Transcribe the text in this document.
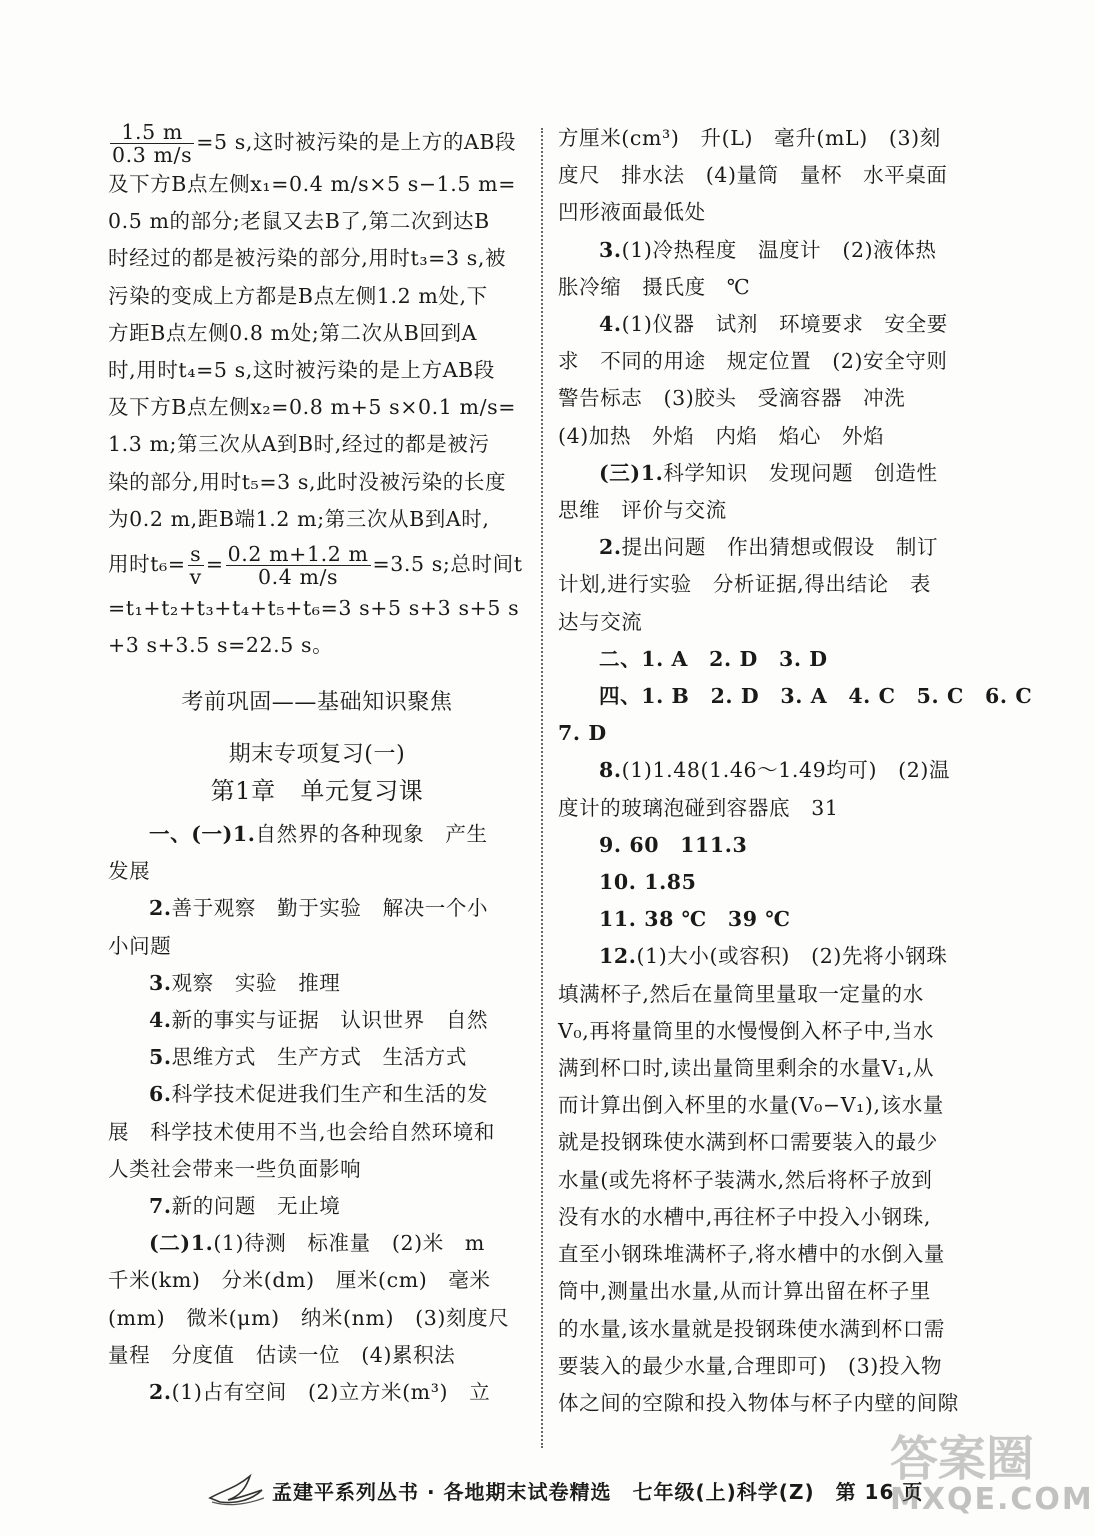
$\frac{1.5 m}{0.3 m/s} =5$ s,这时被污染的是上方的AB段
及下方B点左侧x₁=0.4 m/s×5 s−1.5 m=
0.5 m的部分;老鼠又去B了,第二次到达B
时经过的都是被污染的部分,用时t₃=3 s,被
污染的变成上方都是B点左侧1.2 m处,下
方距B点左侧0.8 m处;第二次从B回到A
时,用时t₄=5 s,这时被污染的是上方AB段
及下方B点左侧x₂=0.8 m+5 s×0.1 m/s=
1.3 m;第三次从A到B时,经过的都是被污
染的部分,用时t₅=3 s,此时没被污染的长度
为0.2 m,距B端1.2 m;第三次从B到A时,
用时$t_6= \frac{s}{v} = \frac{0.2 m+1.2 m}{0.4 m/s} =3.5$ s;总时间t
=t₁+t₂+t₃+t₄+t₅+t₆=3 s+5 s+3 s+5 s
+3 s+3.5 s=22.5 s。
考前巩固——基础知识聚焦
期末专项复习(一)
第1章　单元复习课
一、(一)1.自然界的各种现象　产生
发展
2.善于观察　勤于实验　解决一个小
小问题
3.观察　实验　推理
4.新的事实与证据　认识世界　自然
5.思维方式　生产方式　生活方式
6.科学技术促进我们生产和生活的发
展　科学技术使用不当,也会给自然环境和
人类社会带来一些负面影响
7.新的问题　无止境
(二)1.(1)待测　标准量　(2)米　m
千米(km)　分米(dm)　厘米(cm)　毫米
(mm)　微米(μm)　纳米(nm)　(3)刻度尺
量程　分度值　估读一位　(4)累积法
2.(1)占有空间　(2)立方米(m³)　立
方厘米(cm³)　升(L)　毫升(mL)　(3)刻
度尺　排水法　(4)量筒　量杯　水平桌面
凹形液面最低处
3.(1)冷热程度　温度计　(2)液体热
胀冷缩　摄氏度　℃
4.(1)仪器　试剂　环境要求　安全要
求　不同的用途　规定位置　(2)安全守则
警告标志　(3)胶头　受滴容器　冲洗
(4)加热　外焰　内焰　焰心　外焰
(三)1.科学知识　发现问题　创造性
思维　评价与交流
2.提出问题　作出猜想或假设　制订
计划,进行实验　分析证据,得出结论　表
达与交流
二、1. A　2. D　3. D
四、1. B　2. D　3. A　4. C　5. C　6. C
7. D
8.(1)1.48(1.46～1.49均可)　(2)温
度计的玻璃泡碰到容器底　31
9. 60　111.3
10. 1.85
11. 38 ℃　39 ℃
12.(1)大小(或容积)　(2)先将小钢珠
填满杯子,然后在量筒里量取一定量的水
V₀,再将量筒里的水慢慢倒入杯子中,当水
满到杯口时,读出量筒里剩余的水量V₁,从
而计算出倒入杯里的水量(V₀−V₁),该水量
就是投钢珠使水满到杯口需要装入的最少
水量(或先将杯子装满水,然后将杯子放到
没有水的水槽中,再往杯子中投入小钢珠,
直至小钢珠堆满杯子,将水槽中的水倒入量
筒中,测量出水量,从而计算出留在杯子里
的水量,该水量就是投钢珠使水满到杯口需
要装入的最少水量,合理即可)　(3)投入物
体之间的空隙和投入物体与杯子内壁的间隙
孟建平系列丛书 · 各地期末试卷精选　七年级(上)科学(Z)　第 16 页
答案圈
MXQE.COM
